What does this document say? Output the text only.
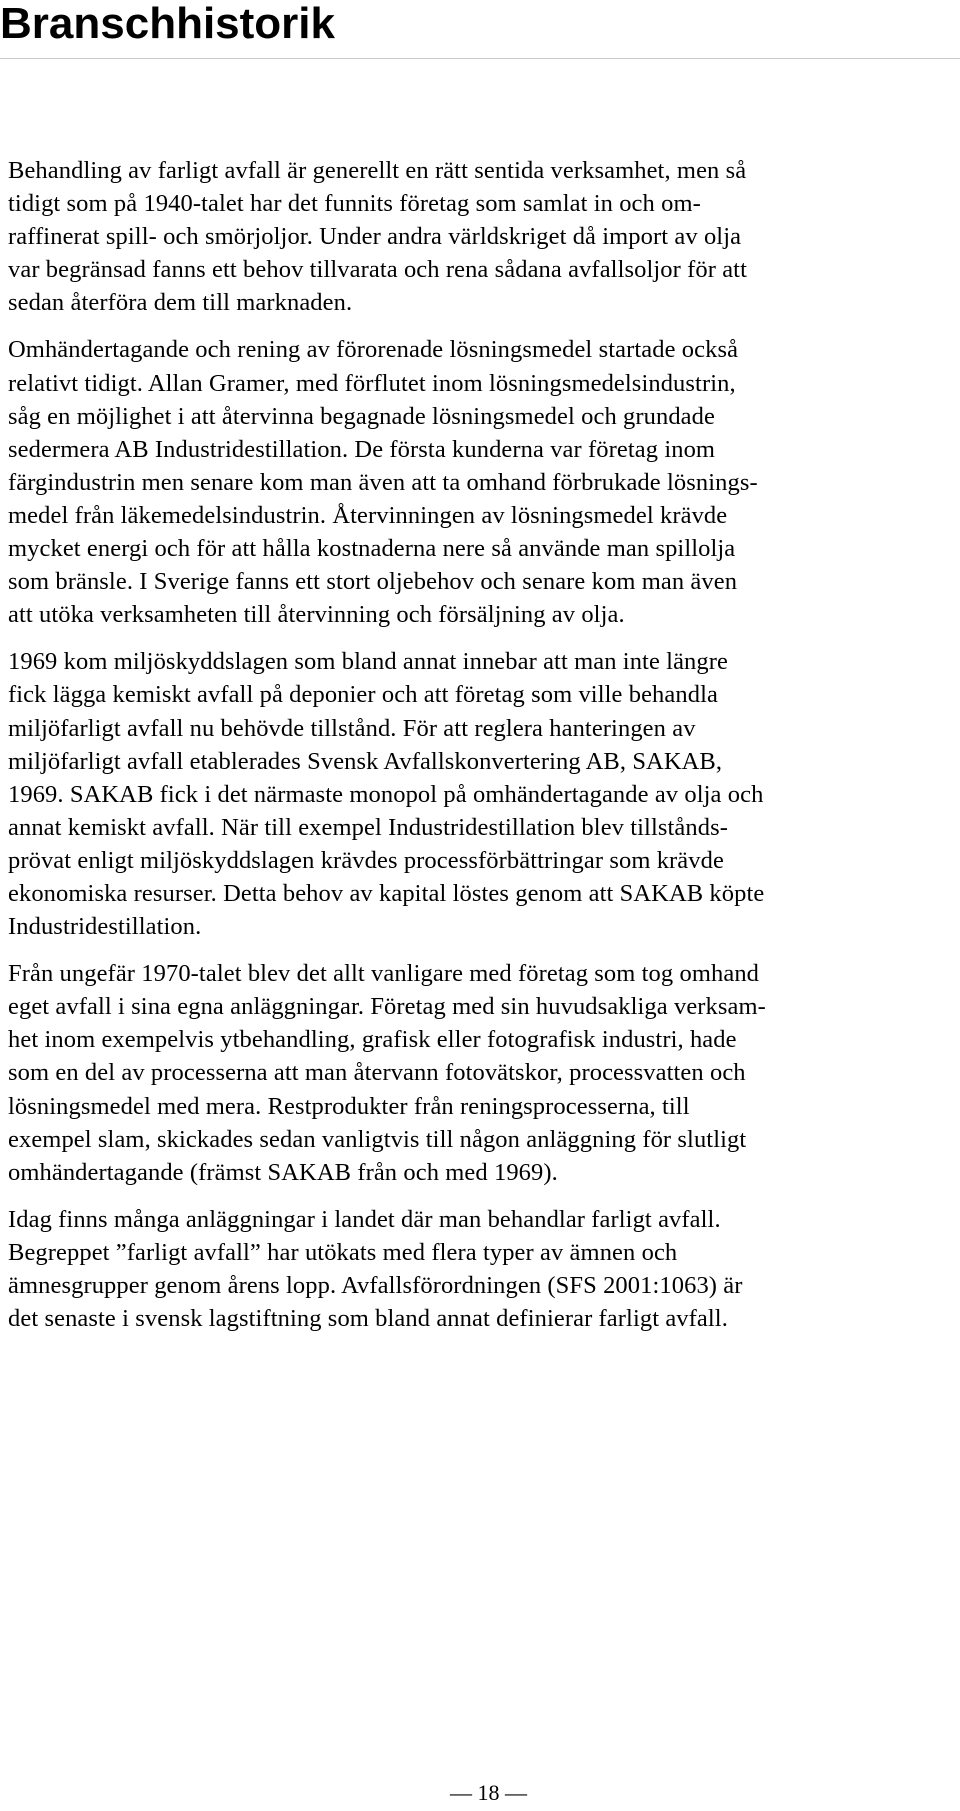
Branschhistorik

Behandling av farligt avfall är generellt en rätt sentida verksamhet, men så
tidigt som på 1940-talet har det funnits företag som samlat in och om-
raffinerat spill- och smörjoljor. Under andra världskriget då import av olja
var begränsad fanns ett behov tillvarata och rena sådana avfallsoljor för att
sedan återföra dem till marknaden.

Omhändertagande och rening av förorenade lösningsmedel startade också
relativt tidigt. Allan Gramer, med förflutet inom lösningsmedelsindustrin,
såg en möjlighet i att återvinna begagnade lösningsmedel och grundade
sedermera AB Industridestillation. De första kunderna var företag inom
färgindustrin men senare kom man även att ta omhand förbrukade lösnings-
medel från läkemedelsindustrin. Återvinningen av lösningsmedel krävde
mycket energi och för att hålla kostnaderna nere så använde man spillolja
som bränsle. I Sverige fanns ett stort oljebehov och senare kom man även
att utöka verksamheten till återvinning och försäljning av olja.

1969 kom miljöskyddslagen som bland annat innebar att man inte längre
fick lägga kemiskt avfall på deponier och att företag som ville behandla
miljöfarligt avfall nu behövde tillstånd. För att reglera hanteringen av
miljöfarligt avfall etablerades Svensk Avfallskonvertering AB, SAKAB,
1969. SAKAB fick i det närmaste monopol på omhändertagande av olja och
annat kemiskt avfall. När till exempel Industridestillation blev tillstånds-
prövat enligt miljöskyddslagen krävdes processförbättringar som krävde
ekonomiska resurser. Detta behov av kapital löstes genom att SAKAB köpte
Industridestillation.

Från ungefär 1970-talet blev det allt vanligare med företag som tog omhand
eget avfall i sina egna anläggningar. Företag med sin huvudsakliga verksam-
het inom exempelvis ytbehandling, grafisk eller fotografisk industri, hade
som en del av processerna att man återvann fotovätskor, processvatten och
lösningsmedel med mera. Restprodukter från reningsprocesserna, till
exempel slam, skickades sedan vanligtvis till någon anläggning för slutligt
omhändertagande (främst SAKAB från och med 1969).

Idag finns många anläggningar i landet där man behandlar farligt avfall.
Begreppet ”farligt avfall” har utökats med flera typer av ämnen och
ämnesgrupper genom årens lopp. Avfallsförordningen (SFS 2001:1063) är
det senaste i svensk lagstiftning som bland annat definierar farligt avfall.

— 18 —
